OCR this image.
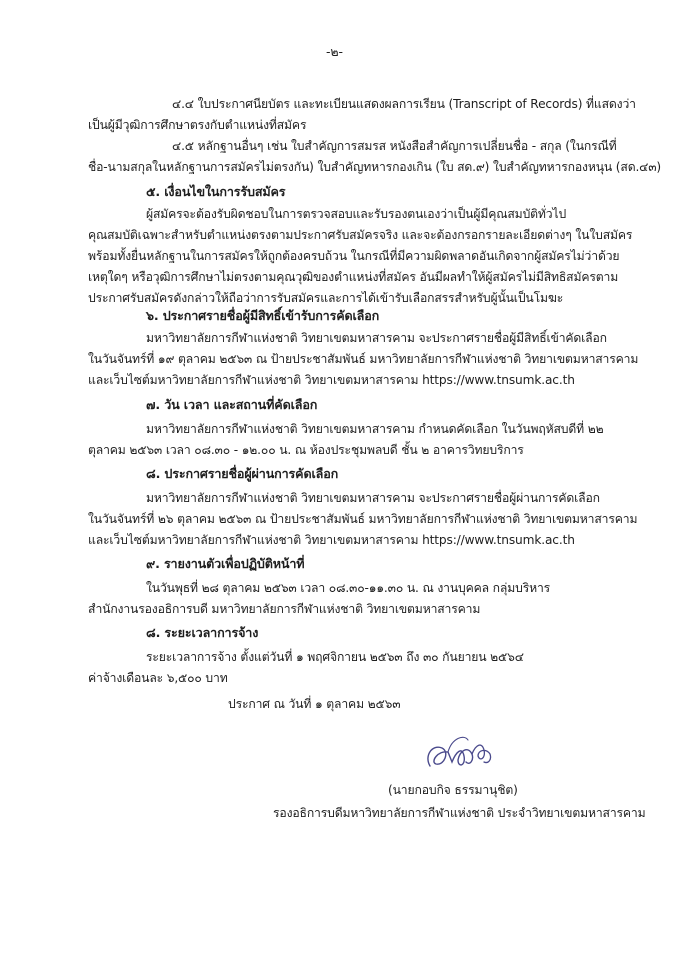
-๒-
๔.๔ ใบประกาศนียบัตร และทะเบียนแสดงผลการเรียน (Transcript of Records) ที่แสดงว่า
เป็นผู้มีวุฒิการศึกษาตรงกับตำแหน่งที่สมัคร
๔.๕ หลักฐานอื่นๆ เช่น ใบสำคัญการสมรส หนังสือสำคัญการเปลี่ยนชื่อ - สกุล (ในกรณีที่
ชื่อ-นามสกุลในหลักฐานการสมัครไม่ตรงกัน) ใบสำคัญทหารกองเกิน (ใบ สด.๙) ใบสำคัญทหารกองหนุน (สด.๔๓)
๕. เงื่อนไขในการรับสมัคร
ผู้สมัครจะต้องรับผิดชอบในการตรวจสอบและรับรองตนเองว่าเป็นผู้มีคุณสมบัติทั่วไป
คุณสมบัติเฉพาะสำหรับตำแหน่งตรงตามประกาศรับสมัครจริง และจะต้องกรอกรายละเอียดต่างๆ ในใบสมัคร
พร้อมทั้งยื่นหลักฐานในการสมัครให้ถูกต้องครบถ้วน ในกรณีที่มีความผิดพลาดอันเกิดจากผู้สมัครไม่ว่าด้วย
เหตุใดๆ หรือวุฒิการศึกษาไม่ตรงตามคุณวุฒิของตำแหน่งที่สมัคร อันมีผลทำให้ผู้สมัครไม่มีสิทธิสมัครตาม
ประกาศรับสมัครดังกล่าวให้ถือว่าการรับสมัครและการได้เข้ารับเลือกสรรสำหรับผู้นั้นเป็นโมฆะ
๖. ประกาศรายชื่อผู้มีสิทธิ์เข้ารับการคัดเลือก
มหาวิทยาลัยการกีฬาแห่งชาติ วิทยาเขตมหาสารคาม จะประกาศรายชื่อผู้มีสิทธิ์เข้าคัดเลือก
ในวันจันทร์ที่ ๑๙ ตุลาคม ๒๕๖๓ ณ ป้ายประชาสัมพันธ์ มหาวิทยาลัยการกีฬาแห่งชาติ วิทยาเขตมหาสารคาม
และเว็บไซต์มหาวิทยาลัยการกีฬาแห่งชาติ วิทยาเขตมหาสารคาม https://www.tnsumk.ac.th
๗. วัน เวลา และสถานที่คัดเลือก
มหาวิทยาลัยการกีฬาแห่งชาติ วิทยาเขตมหาสารคาม กำหนดคัดเลือก ในวันพฤหัสบดีที่ ๒๒
ตุลาคม ๒๕๖๓ เวลา ๐๘.๓๐ - ๑๒.๐๐ น. ณ ห้องประชุมพลบดี ชั้น ๒ อาคารวิทยบริการ
๘. ประกาศรายชื่อผู้ผ่านการคัดเลือก
มหาวิทยาลัยการกีฬาแห่งชาติ วิทยาเขตมหาสารคาม จะประกาศรายชื่อผู้ผ่านการคัดเลือก
ในวันจันทร์ที่ ๒๖ ตุลาคม ๒๕๖๓ ณ ป้ายประชาสัมพันธ์ มหาวิทยาลัยการกีฬาแห่งชาติ วิทยาเขตมหาสารคาม
และเว็บไซต์มหาวิทยาลัยการกีฬาแห่งชาติ วิทยาเขตมหาสารคาม https://www.tnsumk.ac.th
๙. รายงานตัวเพื่อปฏิบัติหน้าที่
ในวันพุธที่ ๒๘ ตุลาคม ๒๕๖๓ เวลา ๐๘.๓๐-๑๑.๓๐ น. ณ งานบุคคล กลุ่มบริหาร
สำนักงานรองอธิการบดี มหาวิทยาลัยการกีฬาแห่งชาติ วิทยาเขตมหาสารคาม
๘. ระยะเวลาการจ้าง
ระยะเวลาการจ้าง ตั้งแต่วันที่ ๑ พฤศจิกายน ๒๕๖๓ ถึง ๓๐ กันยายน ๒๕๖๔
ค่าจ้างเดือนละ ๖,๕๐๐ บาท
ประกาศ ณ วันที่ ๑ ตุลาคม ๒๕๖๓
(นายกอบกิจ ธรรมานุชิต)
รองอธิการบดีมหาวิทยาลัยการกีฬาแห่งชาติ ประจำวิทยาเขตมหาสารคาม
